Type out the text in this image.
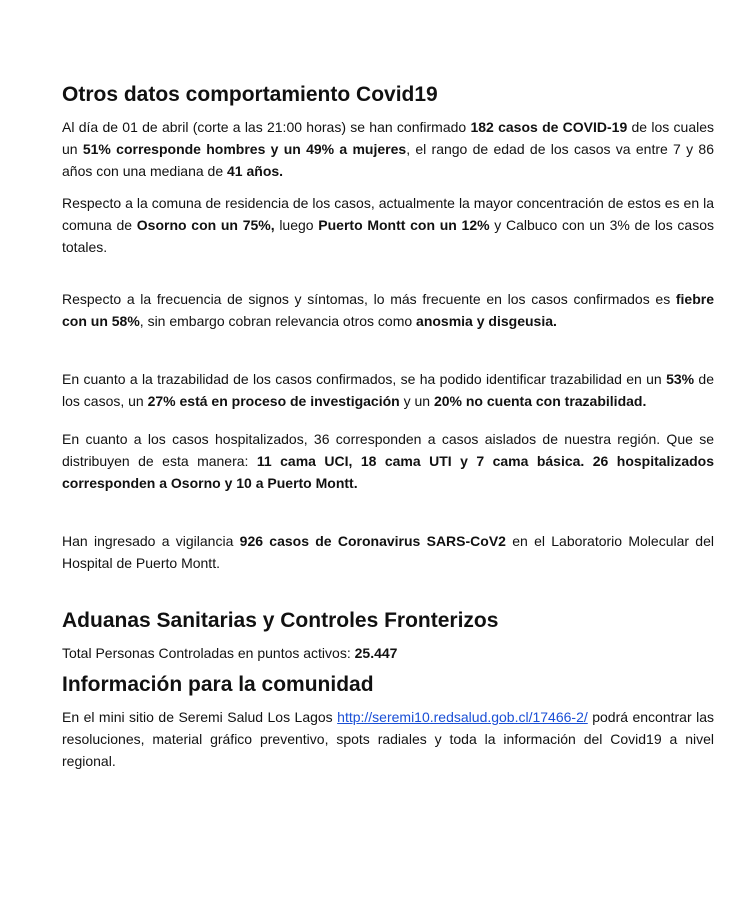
Otros datos comportamiento Covid19

Al día de 01 de abril (corte a las 21:00 horas) se han confirmado 182 casos de COVID-19 de los cuales un 51% corresponde hombres y un 49% a mujeres, el rango de edad de los casos va entre 7 y 86 años con una mediana de 41 años.

Respecto a la comuna de residencia de los casos, actualmente la mayor concentración de estos es en la comuna de Osorno con un 75%, luego Puerto Montt con un 12% y Calbuco con un 3% de los casos totales.

Respecto a la frecuencia de signos y síntomas, lo más frecuente en los casos confirmados es fiebre con un 58%, sin embargo cobran relevancia otros como anosmia y disgeusia.

En cuanto a la trazabilidad de los casos confirmados, se ha podido identificar trazabilidad en un 53% de los casos, un 27% está en proceso de investigación y un 20% no cuenta con trazabilidad.

En cuanto a los casos hospitalizados, 36 corresponden a casos aislados de nuestra región. Que se distribuyen de esta manera: 11 cama UCI, 18 cama UTI y 7 cama básica. 26 hospitalizados corresponden a Osorno y 10 a Puerto Montt.

Han ingresado a vigilancia 926 casos de Coronavirus SARS-CoV2 en el Laboratorio Molecular del Hospital de Puerto Montt.

Aduanas Sanitarias y Controles Fronterizos

Total Personas Controladas en puntos activos: 25.447

Información para la comunidad

En el mini sitio de Seremi Salud Los Lagos http://seremi10.redsalud.gob.cl/17466-2/ podrá encontrar las resoluciones, material gráfico preventivo, spots radiales y toda la información del Covid19 a nivel regional.
